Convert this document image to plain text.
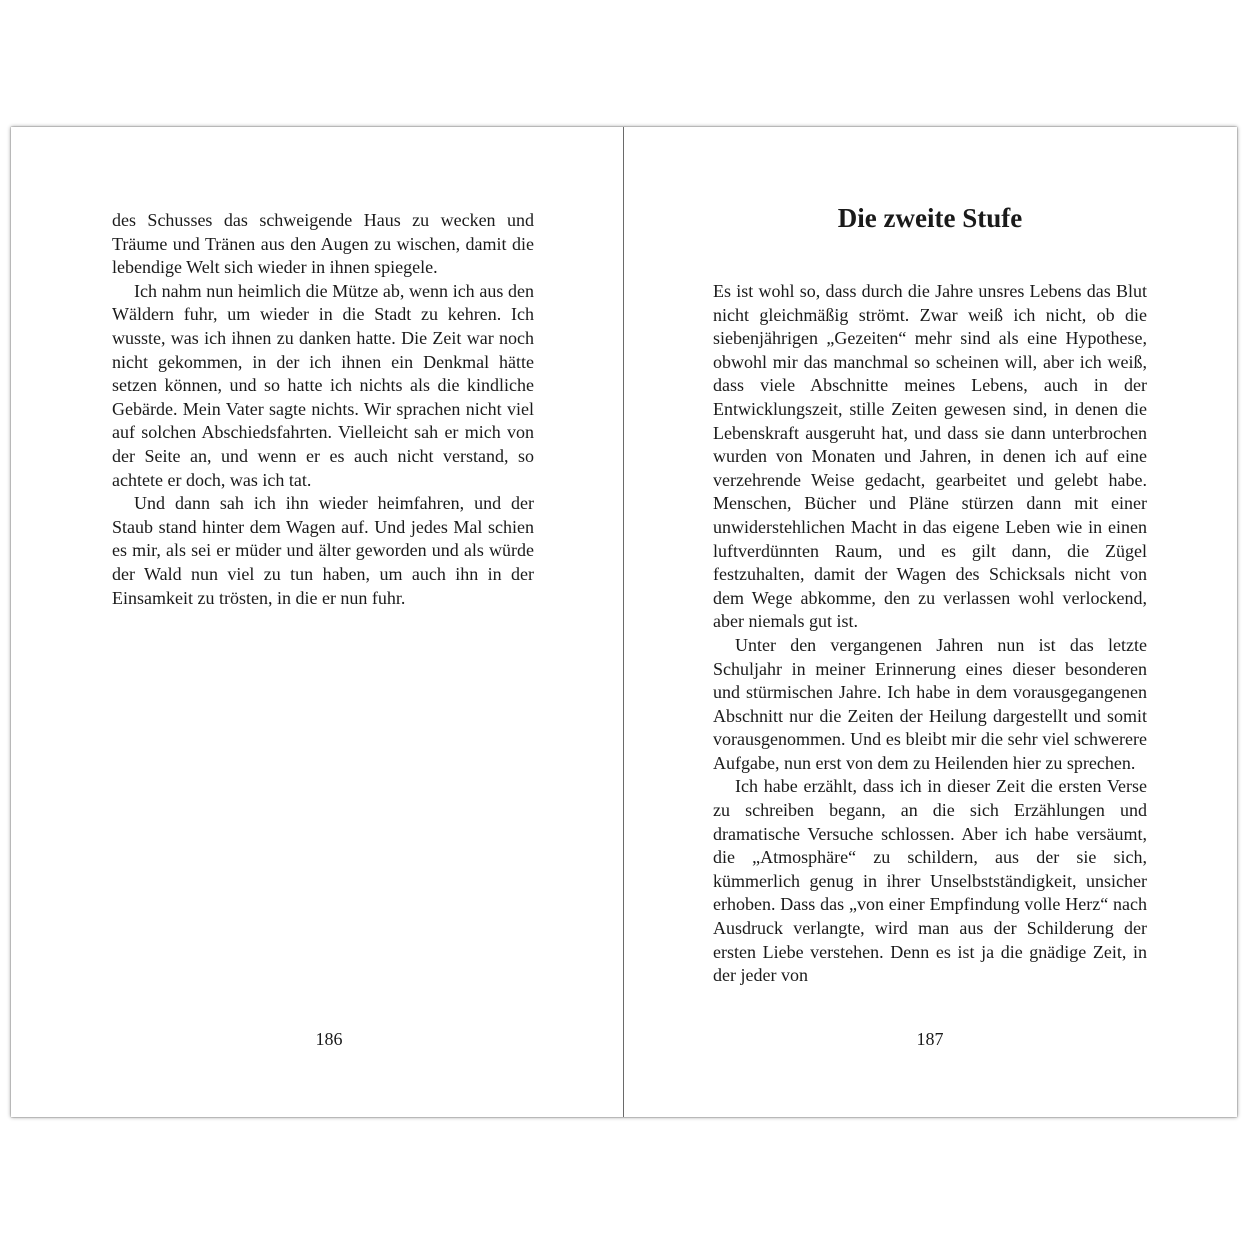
des Schusses das schweigende Haus zu wecken und Träume und Tränen aus den Augen zu wischen, damit die lebendige Welt sich wieder in ihnen spiegele.

Ich nahm nun heimlich die Mütze ab, wenn ich aus den Wäldern fuhr, um wieder in die Stadt zu kehren. Ich wusste, was ich ihnen zu danken hatte. Die Zeit war noch nicht gekommen, in der ich ihnen ein Denkmal hätte setzen können, und so hatte ich nichts als die kindliche Gebärde. Mein Vater sagte nichts. Wir sprachen nicht viel auf solchen Abschiedsfahrten. Vielleicht sah er mich von der Seite an, und wenn er es auch nicht verstand, so achtete er doch, was ich tat.

Und dann sah ich ihn wieder heimfahren, und der Staub stand hinter dem Wagen auf. Und jedes Mal schien es mir, als sei er müder und älter geworden und als würde der Wald nun viel zu tun haben, um auch ihn in der Einsamkeit zu trösten, in die er nun fuhr.

186
Die zweite Stufe

Es ist wohl so, dass durch die Jahre unsres Lebens das Blut nicht gleichmäßig strömt. Zwar weiß ich nicht, ob die siebenjährigen „Gezeiten“ mehr sind als eine Hypothese, obwohl mir das manchmal so scheinen will, aber ich weiß, dass viele Abschnitte meines Lebens, auch in der Entwicklungszeit, stille Zeiten gewesen sind, in denen die Lebenskraft ausgeruht hat, und dass sie dann unterbrochen wurden von Monaten und Jahren, in denen ich auf eine verzehrende Weise gedacht, gearbeitet und gelebt habe. Menschen, Bücher und Pläne stürzen dann mit einer unwiderstehlichen Macht in das eigene Leben wie in einen luftverdünnten Raum, und es gilt dann, die Zügel festzuhalten, damit der Wagen des Schicksals nicht von dem Wege abkomme, den zu verlassen wohl verlockend, aber niemals gut ist.

Unter den vergangenen Jahren nun ist das letzte Schuljahr in meiner Erinnerung eines dieser besonderen und stürmischen Jahre. Ich habe in dem vorausgegangenen Abschnitt nur die Zeiten der Heilung dargestellt und somit vorausgenommen. Und es bleibt mir die sehr viel schwerere Aufgabe, nun erst von dem zu Heilenden hier zu sprechen.

Ich habe erzählt, dass ich in dieser Zeit die ersten Verse zu schreiben begann, an die sich Erzählungen und dramatische Versuche schlossen. Aber ich habe versäumt, die „Atmosphäre“ zu schildern, aus der sie sich, kümmerlich genug in ihrer Unselbstständigkeit, unsicher erhoben. Dass das „von einer Empfindung volle Herz“ nach Ausdruck verlangte, wird man aus der Schilderung der ersten Liebe verstehen. Denn es ist ja die gnädige Zeit, in der jeder von

187
